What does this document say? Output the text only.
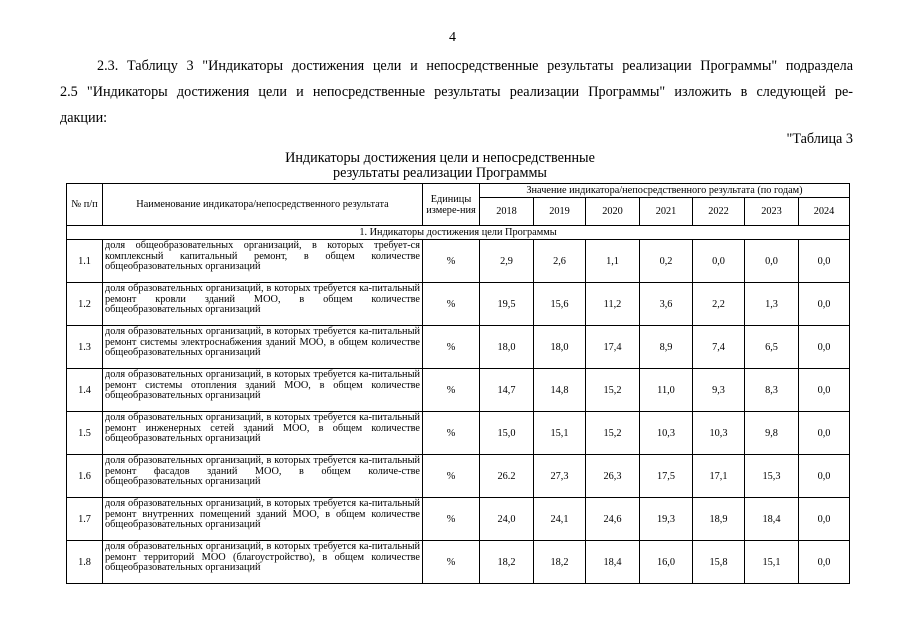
4
2.3. Таблицу 3 "Индикаторы достижения цели и непосредственные результаты реализации Программы" подраздела
2.5 "Индикаторы достижения цели и непосредственные результаты реализации Программы" изложить в следующей ре-
дакции:
"Таблица 3
Индикаторы достижения цели и непосредственные
результаты реализации Программы
№ п/п	Наименование индикатора/непосредственного результата	Единицы измере-ния	Значение индикатора/непосредственного результата (по годам)						
			2018	2019	2020	2021	2022	2023	2024
1. Индикаторы достижения цели Программы									
1.1	доля общеобразовательных организаций, в которых требует-ся комплексный капитальный ремонт, в общем количестве общеобразовательных организаций	%	2,9	2,6	1,1	0,2	0,0	0,0	0,0
1.2	доля образовательных организаций, в которых требуется ка-питальный ремонт кровли зданий МОО, в общем количестве общеобразовательных организаций	%	19,5	15,6	11,2	3,6	2,2	1,3	0,0
1.3	доля образовательных организаций, в которых требуется ка-питальный ремонт системы электроснабжения зданий МОО, в общем количестве общеобразовательных организаций	%	18,0	18,0	17,4	8,9	7,4	6,5	0,0
1.4	доля образовательных организаций, в которых требуется ка-питальный ремонт системы отопления зданий МОО, в общем количестве общеобразовательных организаций	%	14,7	14,8	15,2	11,0	9,3	8,3	0,0
1.5	доля образовательных организаций, в которых требуется ка-питальный ремонт инженерных сетей зданий МОО, в общем количестве общеобразовательных организаций	%	15,0	15,1	15,2	10,3	10,3	9,8	0,0
1.6	доля образовательных организаций, в которых требуется ка-питальный ремонт фасадов зданий МОО, в общем количе-стве общеобразовательных организаций	%	26.2	27,3	26,3	17,5	17,1	15,3	0,0
1.7	доля образовательных организаций, в которых требуется ка-питальный ремонт внутренних помещений зданий МОО, в общем количестве общеобразовательных организаций	%	24,0	24,1	24,6	19,3	18,9	18,4	0,0
1.8	доля образовательных организаций, в которых требуется ка-питальный ремонт территорий МОО (благоустройство), в общем количестве общеобразовательных организаций	%	18,2	18,2	18,4	16,0	15,8	15,1	0,0
